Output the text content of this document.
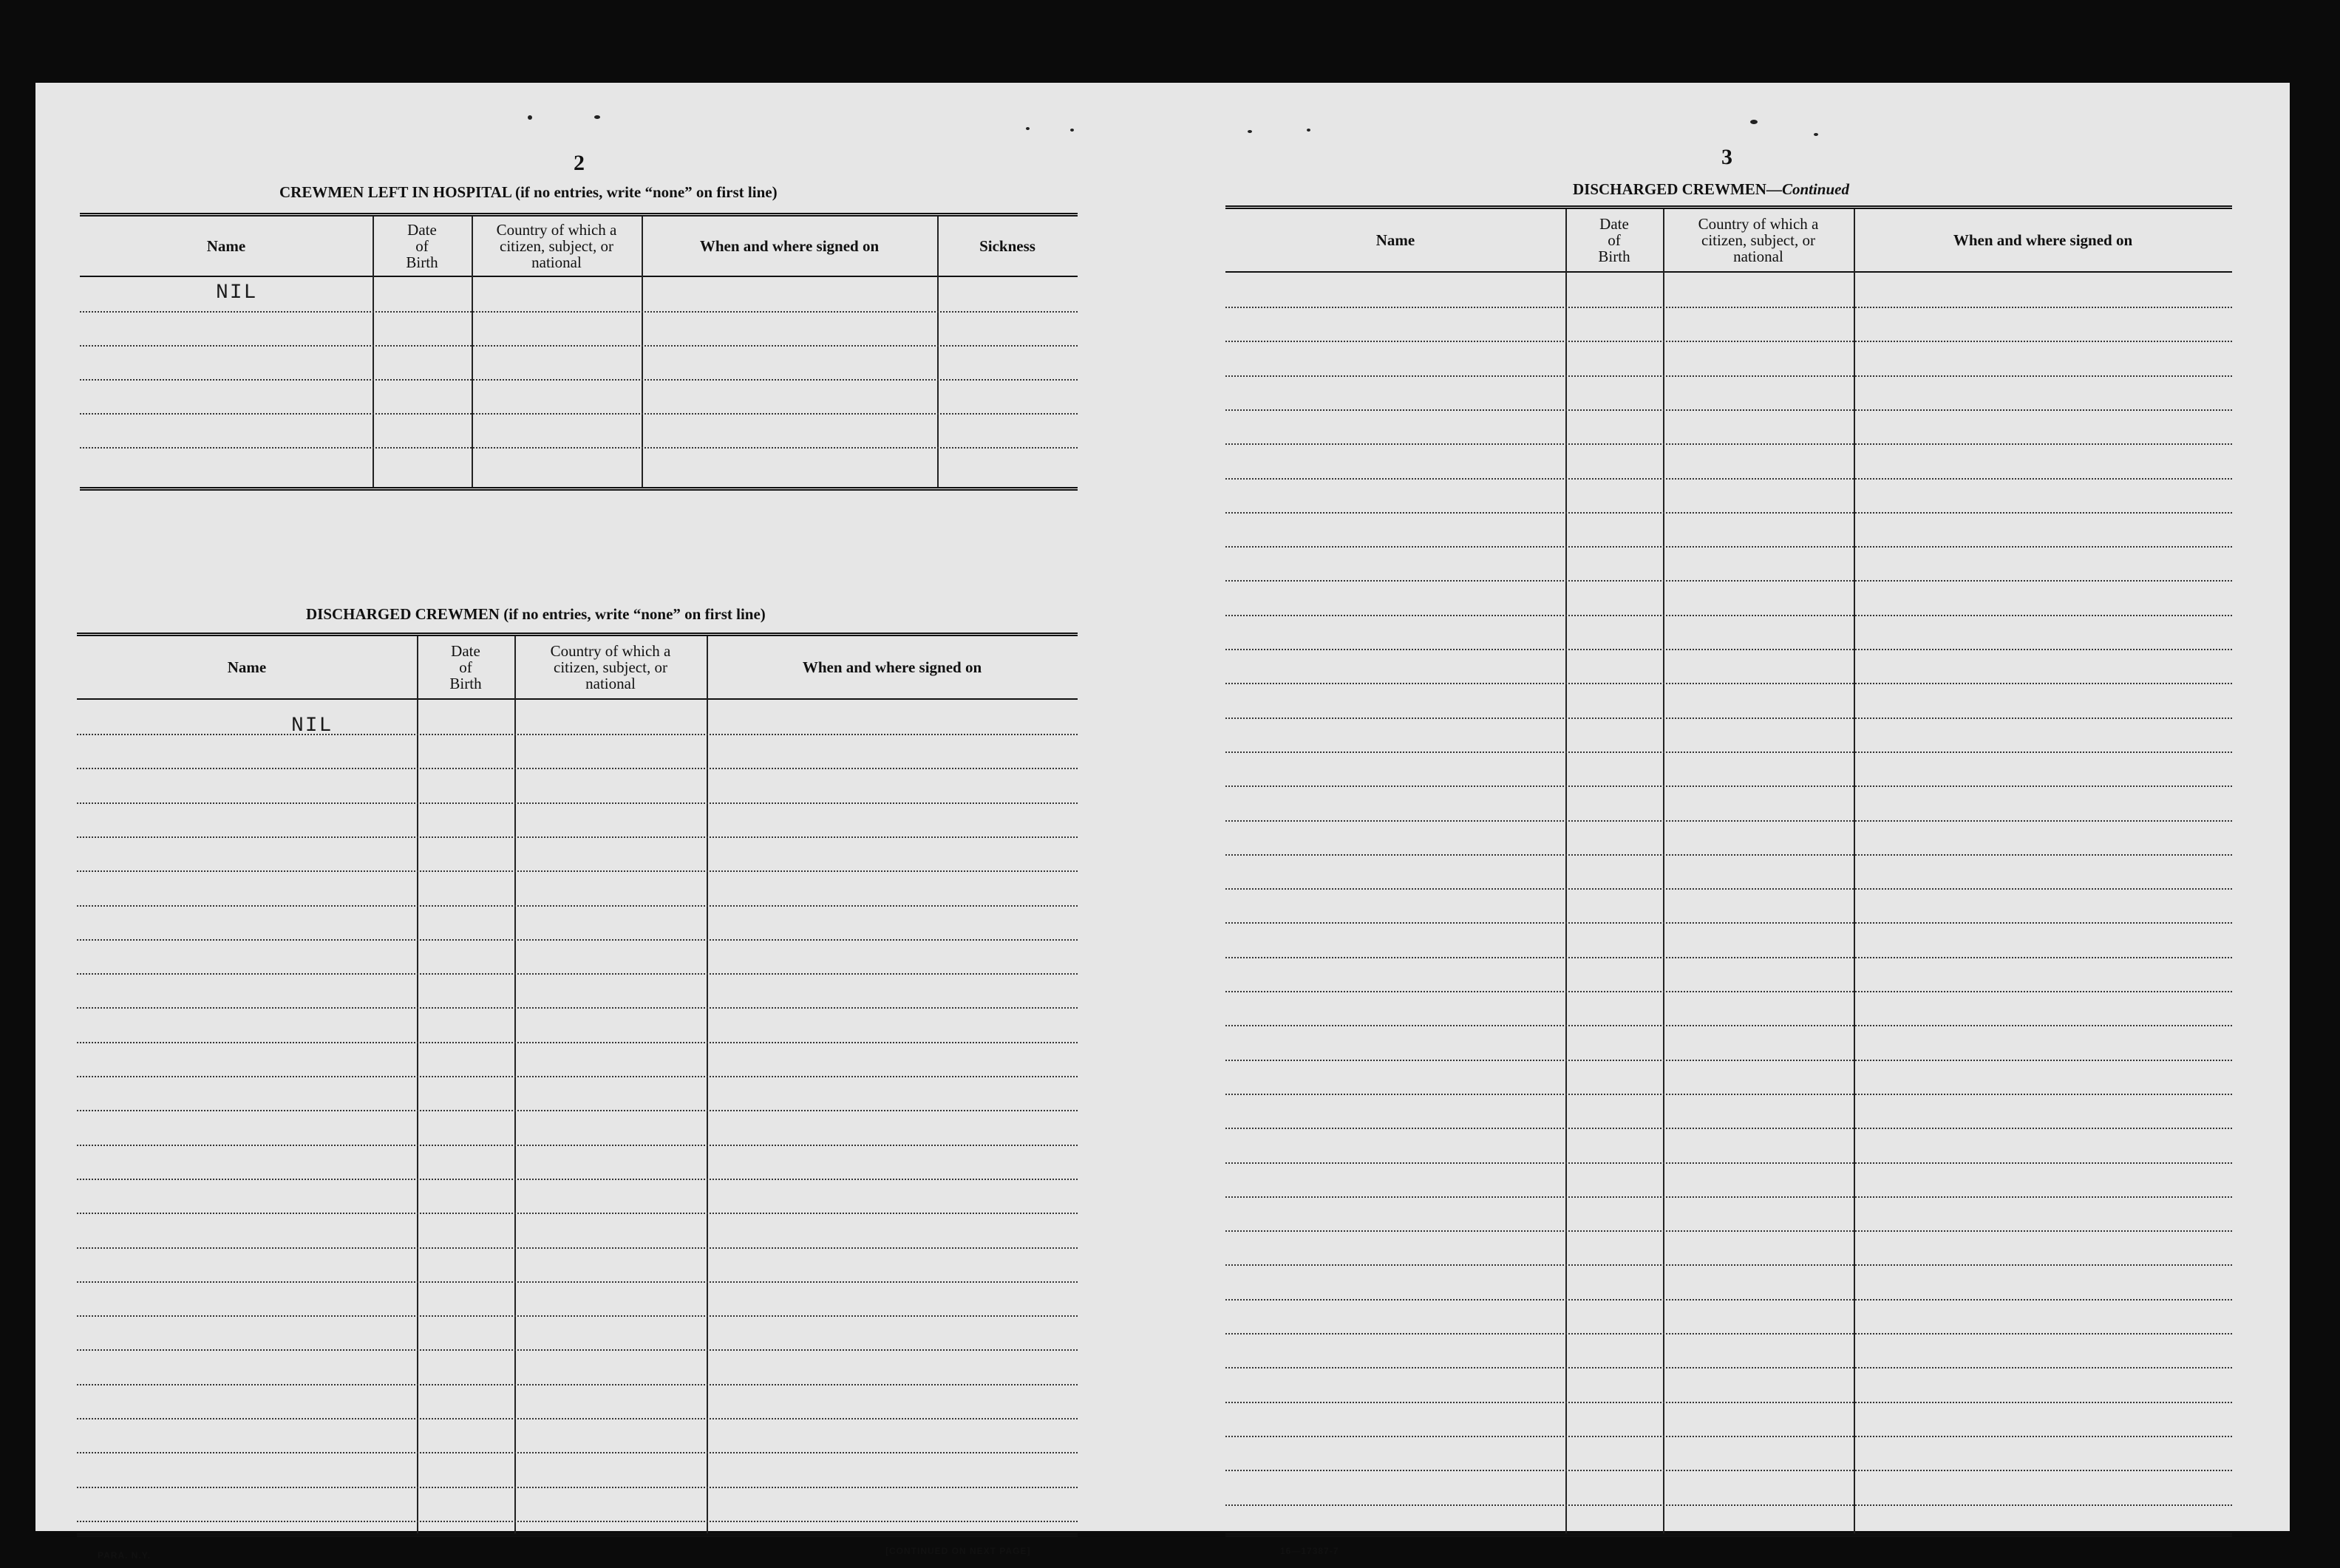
2
CREWMEN LEFT IN HOSPITAL (if no entries, write “none” on first line)
Name
Date
of
Birth
Country of which a
citizen, subject, or
national
When and where signed on	Sickness
NIL
DISCHARGED CREWMEN (if no entries, write “none” on first line)
Name
Date
of
Birth
Country of which a
citizen, subject, or
national
When and where signed on
NIL
PARA. N.Y.	[CONTINUED ON NEXT PAGE]
3
DISCHARGED CREWMEN—Continued
Name
Date
of
Birth
Country of which a
citizen, subject, or
national
When and where signed on
16—17387-7
